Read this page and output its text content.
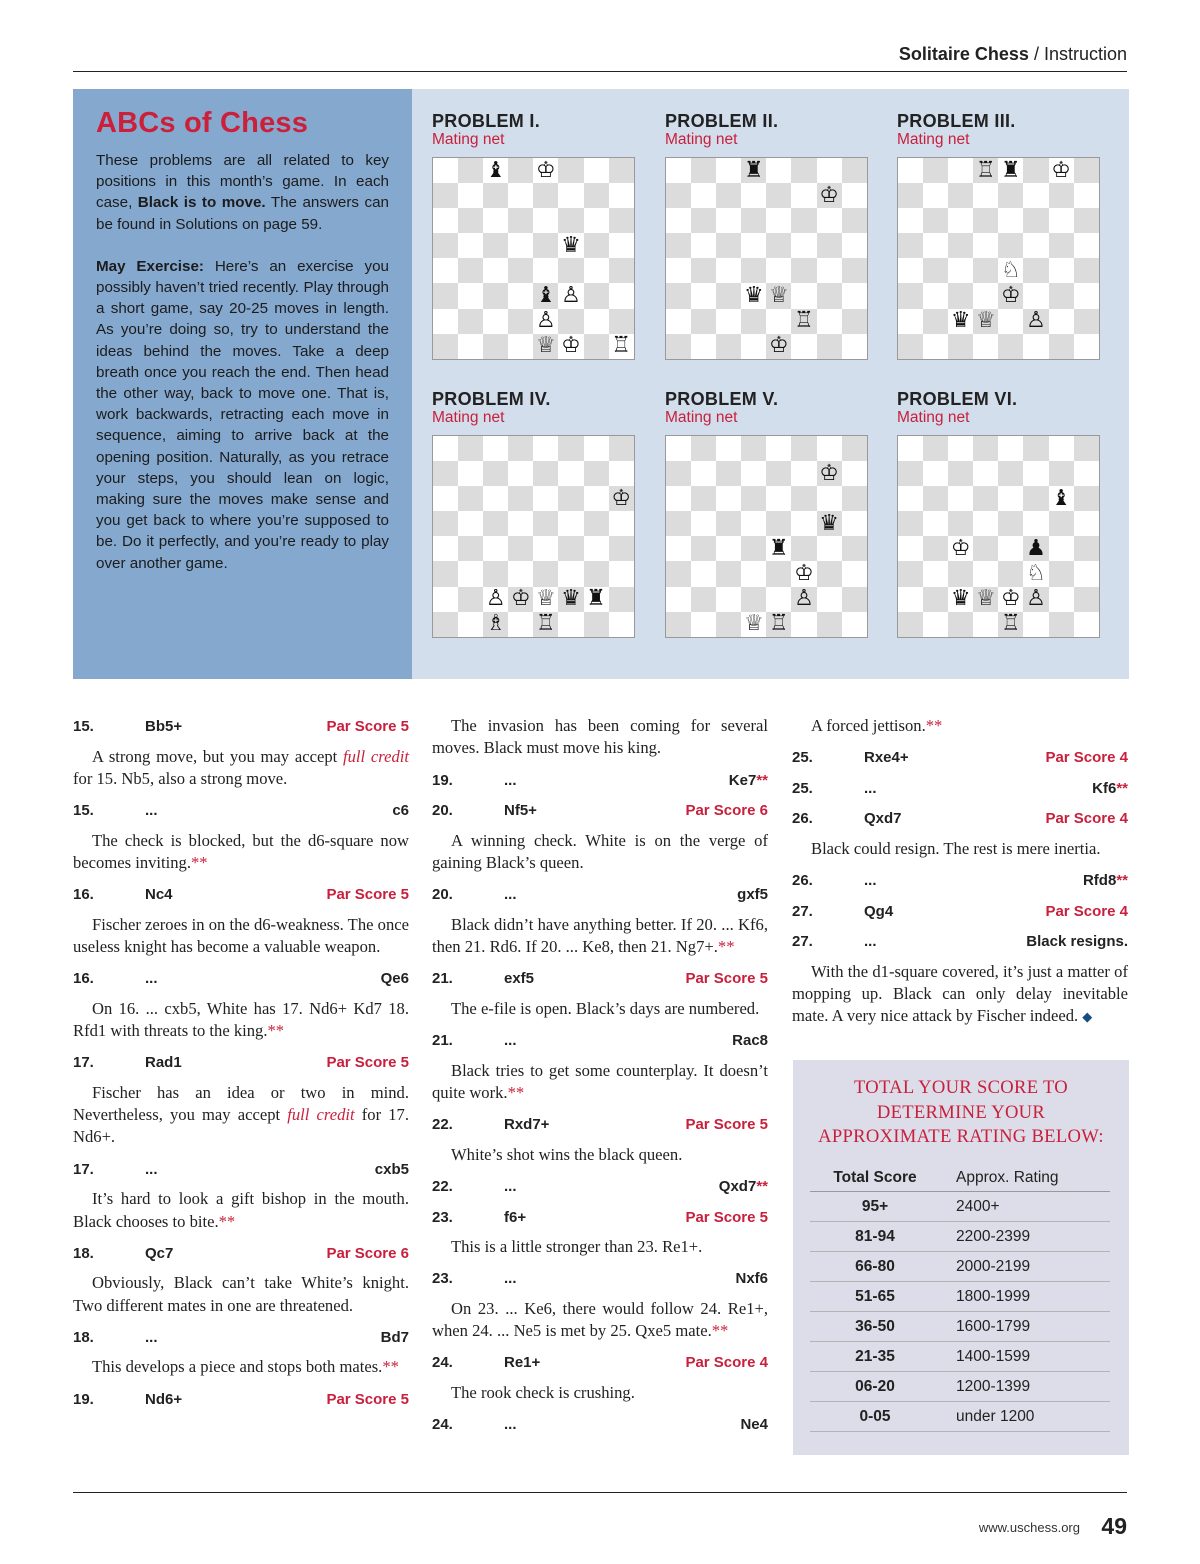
Solitaire Chess / Instruction
ABCs of Chess

These problems are all related to key positions in this month’s game. In each case, Black is to move. The answers can be found in Solutions on page 59.

May Exercise: Here’s an exercise you possibly haven’t tried recently. Play through a short game, say 20-25 moves in length. As you’re doing so, try to understand the ideas behind the moves. Take a deep breath once you reach the end. Then head the other way, back to move one. That is, work backwards, retracting each move in sequence, aiming to arrive back at the opening position. Naturally, as you retrace your steps, you should lean on logic, making sure the moves make sense and you get back to where you’re supposed to be. Do it perfectly, and you’re ready to play over another game.

PROBLEM I.
Mating net
♝ ♔
♛
♝ ♙
♙
♕ ♔ ♖
PROBLEM II.
Mating net
♜
♔
♛ ♕
♖
♔
PROBLEM III.
Mating net
♖ ♜ ♔
♘
♔
♛ ♕ ♙
PROBLEM IV.
Mating net
♔
♙ ♔ ♕ ♛ ♜
♗ ♖
PROBLEM V.
Mating net
♔
♛
♜
♔
♙
♕ ♖
PROBLEM VI.
Mating net
♝
♔	♟
♘
♛ ♕ ♔ ♙
♖
15.	Bb5+	Par Score 5
A strong move, but you may accept full credit for 15. Nb5, also a strong move.
15.	...	c6
The check is blocked, but the d6-square now becomes inviting.**
16.	Nc4	Par Score 5
Fischer zeroes in on the d6-weakness. The once useless knight has become a valuable weapon.
16.	...	Qe6
On 16. ... cxb5, White has 17. Nd6+ Kd7 18. Rfd1 with threats to the king.**
17.	Rad1	Par Score 5
Fischer has an idea or two in mind. Nevertheless, you may accept full credit for 17. Nd6+.
17.	...	cxb5
It’s hard to look a gift bishop in the mouth. Black chooses to bite.**
18.	Qc7	Par Score 6
Obviously, Black can’t take White’s knight. Two different mates in one are threatened.
18.	...	Bd7
This develops a piece and stops both mates.**
19.	Nd6+	Par Score 5
The invasion has been coming for several moves. Black must move his king.
19.	...	Ke7**
20.	Nf5+	Par Score 6
A winning check. White is on the verge of gaining Black’s queen.
20.	...	gxf5
Black didn’t have anything better. If 20. ... Kf6, then 21. Rd6. If 20. ... Ke8, then 21. Ng7+.**
21.	exf5	Par Score 5
The e-file is open. Black’s days are numbered.
21.	...	Rac8
Black tries to get some counterplay. It doesn’t quite work.**
22.	Rxd7+	Par Score 5
White’s shot wins the black queen.
22.	...	Qxd7**
23.	f6+	Par Score 5
This is a little stronger than 23. Re1+.
23.	...	Nxf6
On 23. ... Ke6, there would follow 24. Re1+, when 24. ... Ne5 is met by 25. Qxe5 mate.**
24.	Re1+	Par Score 4
The rook check is crushing.
24.	...	Ne4
A forced jettison.**
25.	Rxe4+	Par Score 4
25.	...	Kf6**
26.	Qxd7	Par Score 4
Black could resign. The rest is mere inertia.
26.	...	Rfd8**
27.	Qg4	Par Score 4
27.	...	Black resigns.
With the d1-square covered, it’s just a matter of mopping up. Black can only delay inevitable mate. A very nice attack by Fischer indeed. ◆
TOTAL YOUR SCORE TO
DETERMINE YOUR
APPROXIMATE RATING BELOW:
Total Score	Approx. Rating
95+	2400+
81-94	2200-2399
66-80	2000-2199
51-65	1800-1999
36-50	1600-1799
21-35	1400-1599
06-20	1200-1399
0-05	under 1200
www.uschess.org 49
